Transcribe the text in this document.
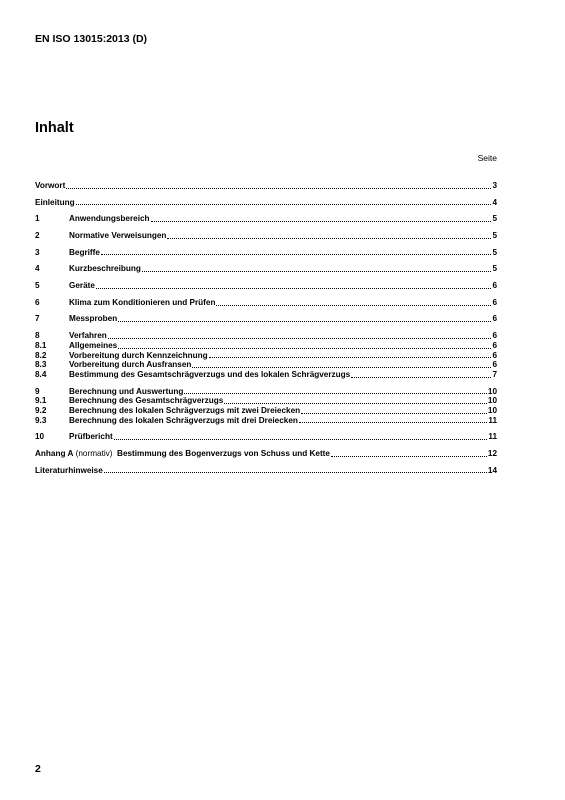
EN ISO 13015:2013 (D)
Inhalt
Seite
Vorwort	3
Einleitung	4
1	Anwendungsbereich	5
2	Normative Verweisungen	5
3	Begriffe	5
4	Kurzbeschreibung	5
5	Geräte	6
6	Klima zum Konditionieren und Prüfen	6
7	Messproben	6
8	Verfahren	6
8.1	Allgemeines	6
8.2	Vorbereitung durch Kennzeichnung	6
8.3	Vorbereitung durch Ausfransen	6
8.4	Bestimmung des Gesamtschrägverzugs und des lokalen Schrägverzugs	7
9	Berechnung und Auswertung	10
9.1	Berechnung des Gesamtschrägverzugs	10
9.2	Berechnung des lokalen Schrägverzugs mit zwei Dreiecken	10
9.3	Berechnung des lokalen Schrägverzugs mit drei Dreiecken	11
10	Prüfbericht	11
Anhang A (normativ)  Bestimmung des Bogenverzugs von Schuss und Kette	12
Literaturhinweise	14
2
